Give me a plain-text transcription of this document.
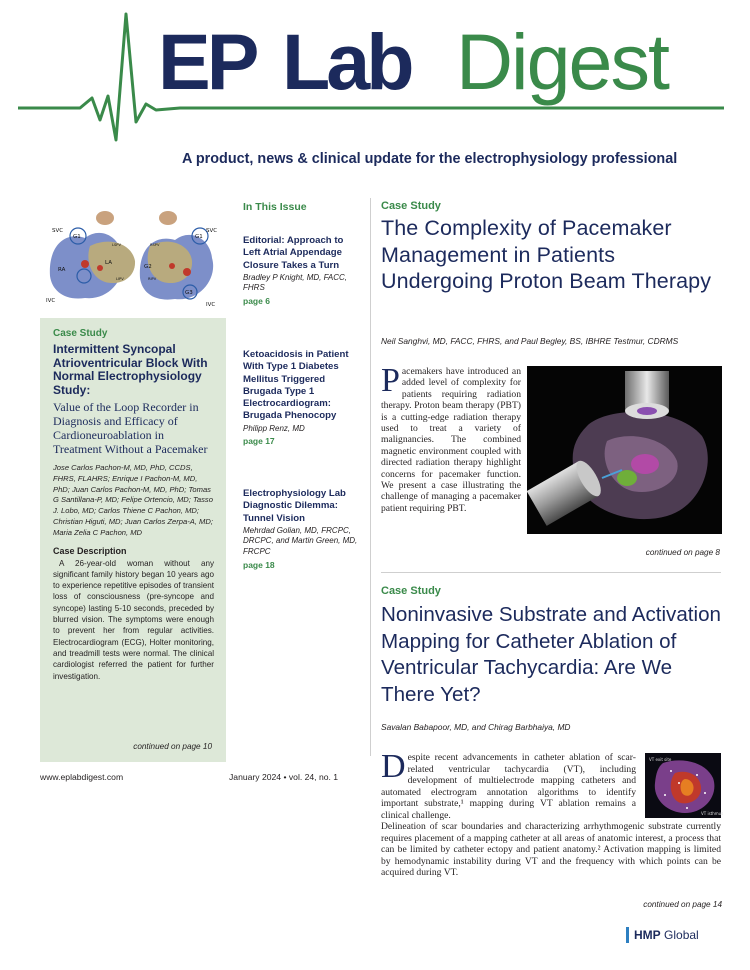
EP Lab Digest
A product, news & clinical update for the electrophysiology professional
SVC
G1
RA
IVC
LA
G2
G3
SVC
G1
IVC
LSPV
LIPV
RSPV
RIPV
Case Study
Intermittent Syncopal Atrioventricular Block With Normal Electrophysiology Study:
Value of the Loop Recorder in Diagnosis and Efficacy of Cardioneuroablation in Treatment Without a Pacemaker
Jose Carlos Pachon-M, MD, PhD, CCDS, FHRS, FLAHRS; Enrique I Pachon-M, MD, PhD; Juan Carlos Pachon-M, MD, PhD; Tomas G Santillana-P, MD; Felipe Ortencio, MD; Tasso J. Lobo, MD; Carlos Thiene C Pachon, MD; Christian Higuti, MD; Juan Carlos Zerpa-A, MD; Maria Zelia C Pachon, MD
Case Description
A 26-year-old woman without any significant family history began 10 years ago to experience repetitive episodes of transient loss of consciousness (pre-syncope and syncope) lasting 5-10 seconds, preceded by blurred vision. The symptoms were enough to prevent her from regular activities. Electrocardiogram (ECG), Holter monitoring, and treadmill tests were normal. The clinical cardiologist referred the patient for further investigation.
continued on page 10
In This Issue
Editorial: Approach to Left Atrial Appendage Closure Takes a Turn
Bradley P Knight, MD, FACC, FHRS
page 6
Ketoacidosis in Patient With Type 1 Diabetes Mellitus Triggered Brugada Type 1 Electrocardiogram: Brugada Phenocopy
Philipp Renz, MD
page 17
Electrophysiology Lab Diagnostic Dilemma: Tunnel Vision
Mehrdad Golian, MD, FRCPC, DRCPC, and Martin Green, MD, FRCPC
page 18
Case Study
The Complexity of Pacemaker Management in Patients Undergoing Proton Beam Therapy
Neil Sanghvi, MD, FACC, FHRS, and Paul Begley, BS, IBHRE Testmur, CDRMS
Pacemakers have introduced an added level of complexity for patients requiring radiation therapy. Proton beam therapy (PBT) is a cutting-edge radiation therapy used to treat a variety of malignancies. The combined magnetic environment coupled with directed radiation therapy highlight concerns for pacemaker function. We present a case illustrating the challenge of managing a pacemaker patient requiring PBT.
continued on page 8
Case Study
Noninvasive Substrate and Activation Mapping for Catheter Ablation of Ventricular Tachycardia: Are We There Yet?
Savalan Babapoor, MD, and Chirag Barbhaiya, MD
Despite recent advancements in catheter ablation of scar-related ventricular tachycardia (VT), including development of multielectrode mapping catheters and automated electrogram annotation algorithms to identify important substrate,¹ mapping during VT ablation remains a clinical challenge.
Delineation of scar boundaries and characterizing arrhythmogenic substrate currently requires placement of a mapping catheter at all areas of anatomic interest, a process that can be limited by catheter ectopy and patient anatomy.² Activation mapping is limited by hemodynamic instability during VT and the frequency with which points can be acquired during VT.
VT exit site
VT isthmus
continued on page 14
www.eplabdigest.com	January 2024 • vol. 24, no. 1
HMP Global
